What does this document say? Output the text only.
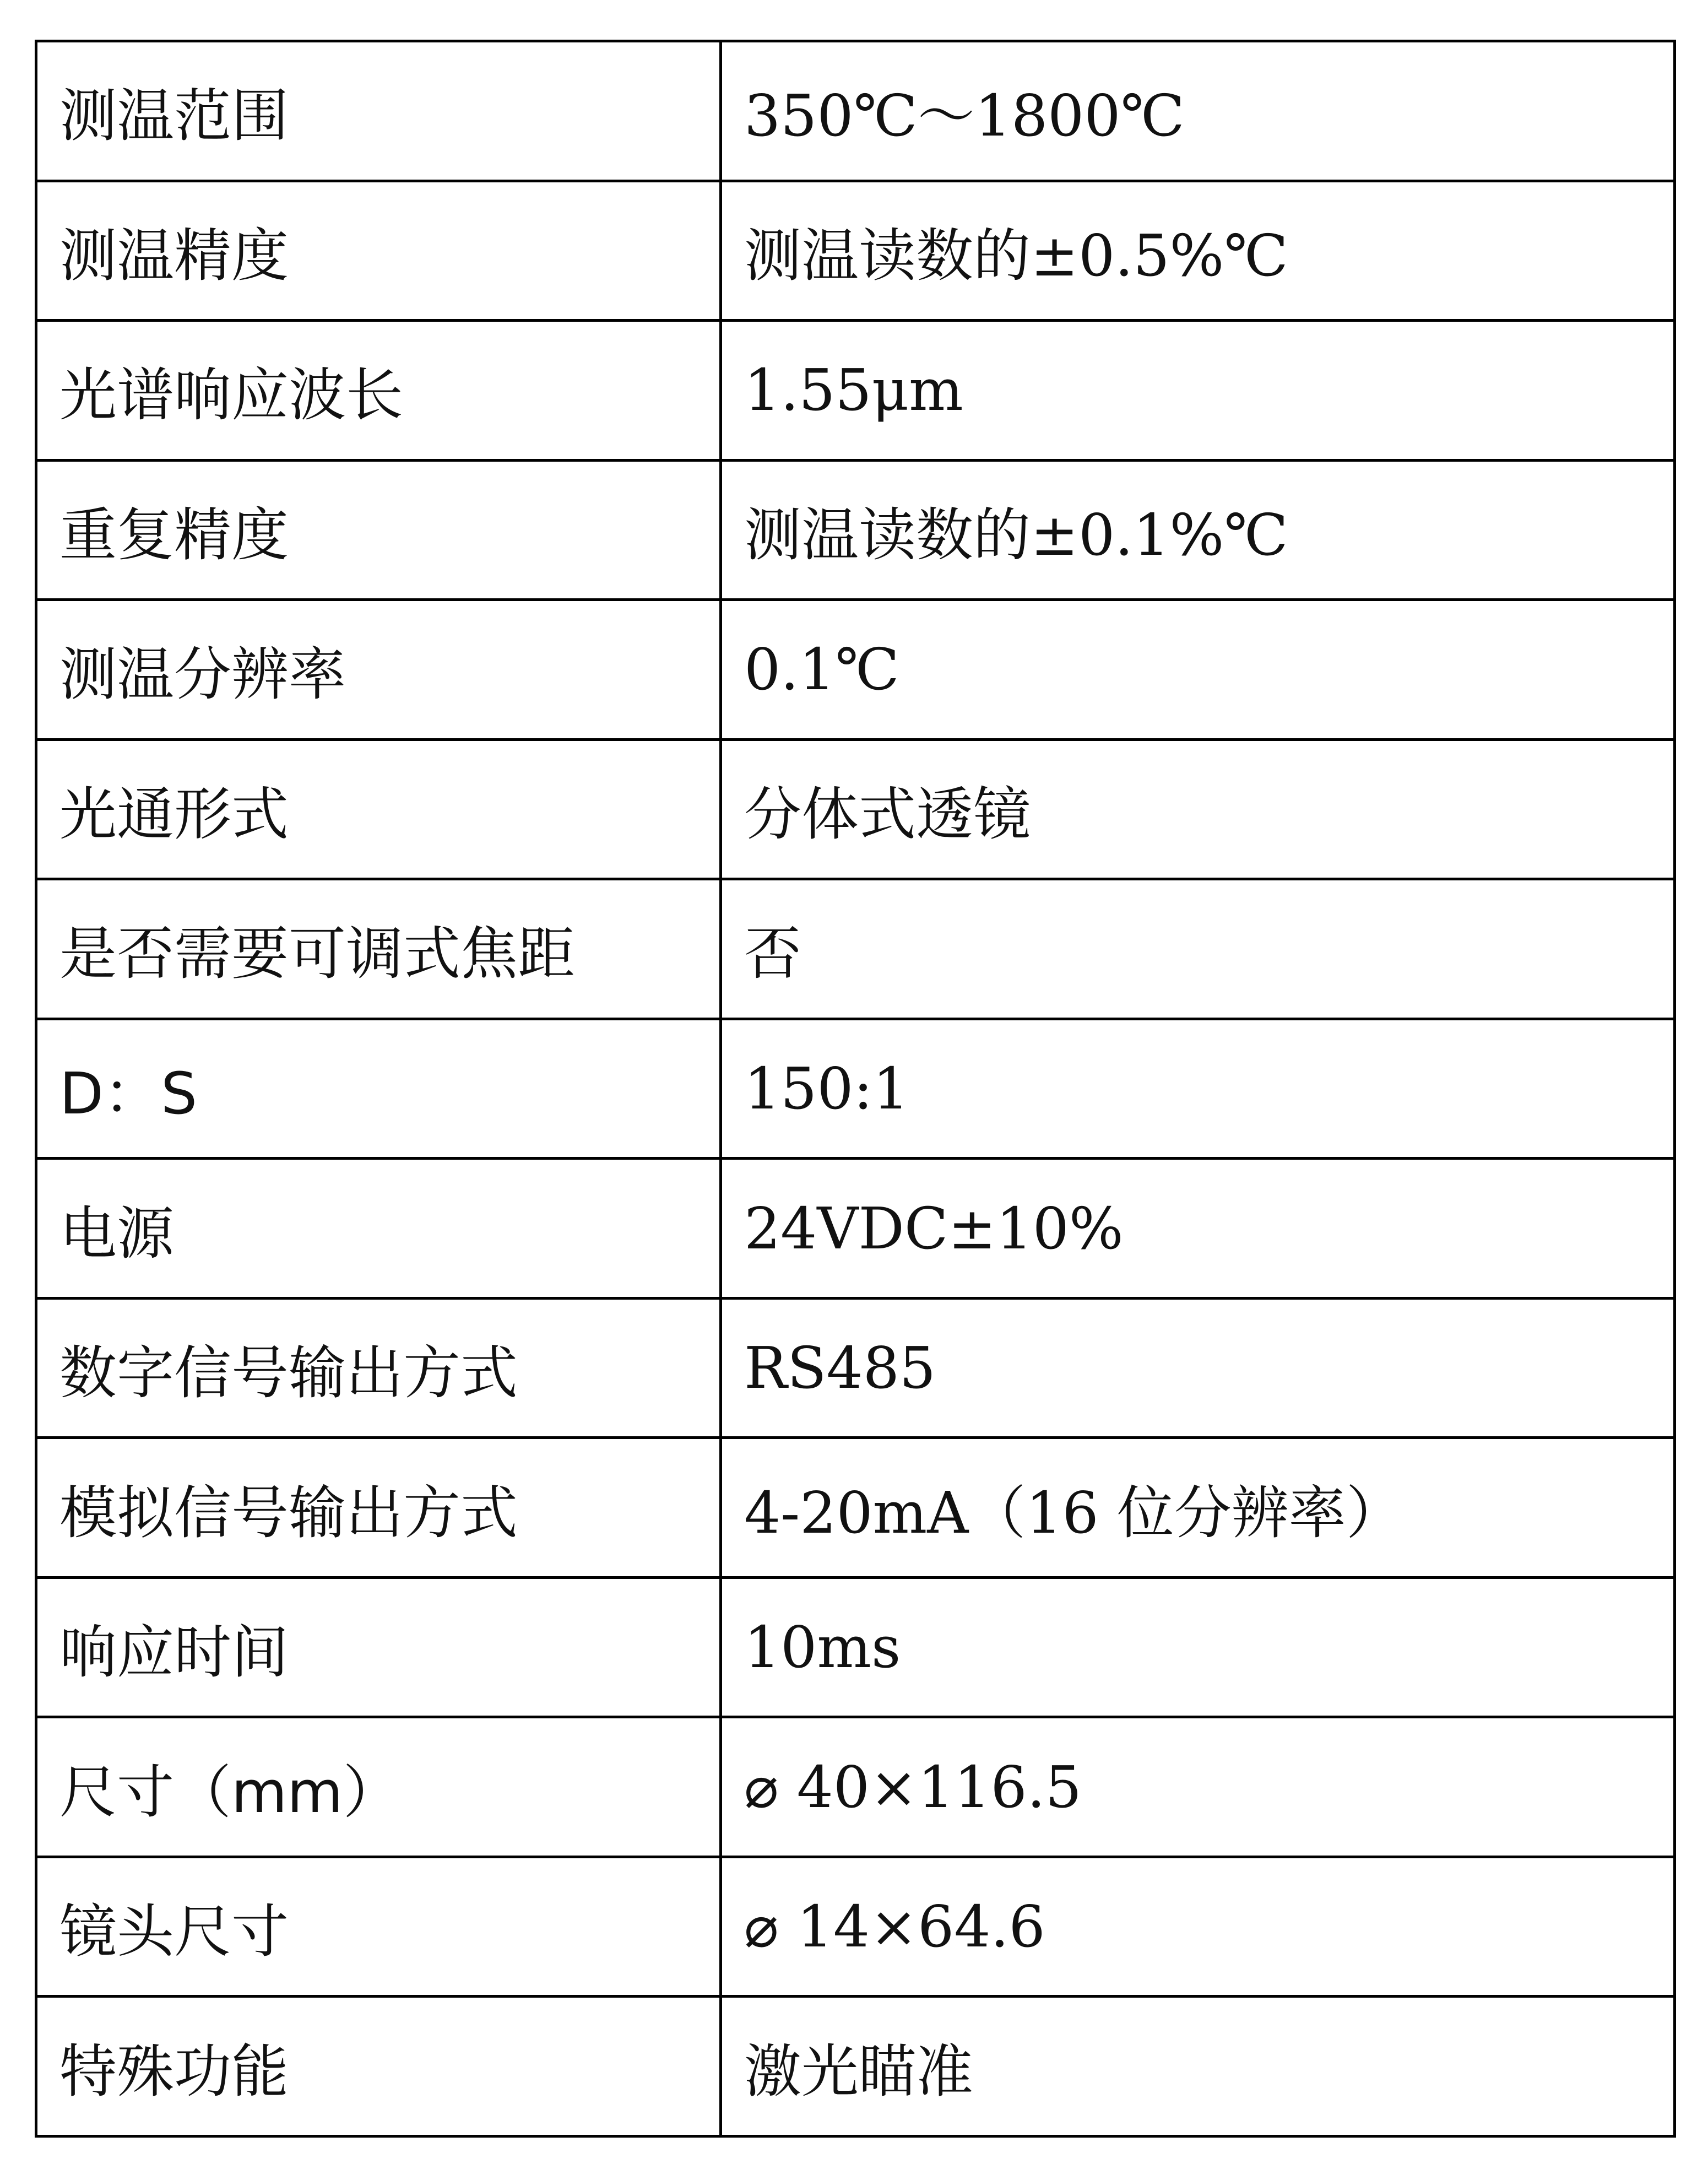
测温范围	350℃～1800℃
测温精度	测温读数的±0.5%℃
光谱响应波长	1.55μm
重复精度	测温读数的±0.1%℃
测温分辨率	0.1℃
光通形式	分体式透镜
是否需要可调式焦距	否
D：S	150:1
电源	24VDC±10%
数字信号输出方式	RS485
模拟信号输出方式	4-20mA（16 位分辨率）
响应时间	10ms
尺寸（mm）	⌀ 40×116.5
镜头尺寸	⌀ 14×64.6
特殊功能	激光瞄准
